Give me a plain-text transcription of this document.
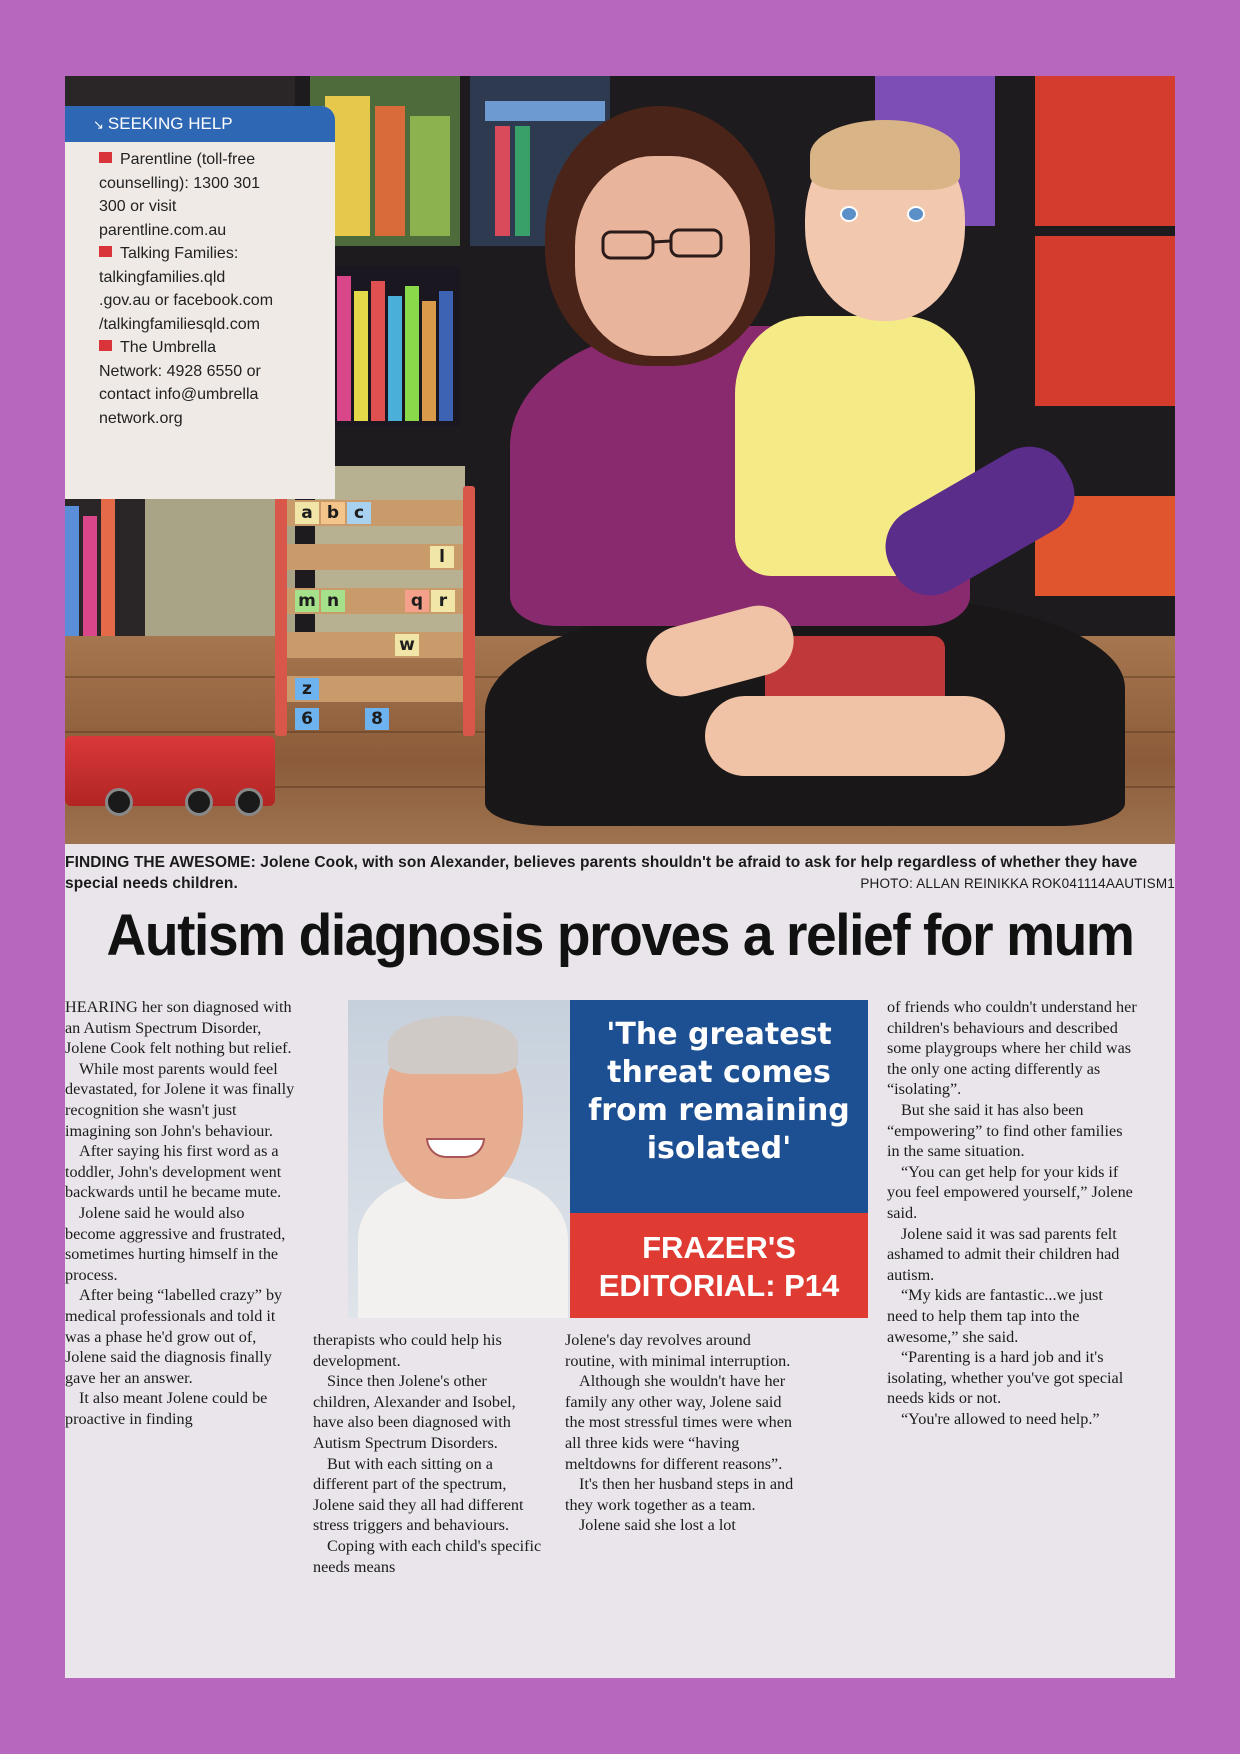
a b c
l
m n	q r
w
z
6	8
↘ SEEKING HELP
Parentline (toll-free
counselling): 1300 301
300 or visit
parentline.com.au
Talking Families:
talkingfamilies.qld
.gov.au or facebook.com
/talkingfamiliesqld.com
The Umbrella
Network: 4928 6550 or
contact info@umbrella
network.org
FINDING THE AWESOME: Jolene Cook, with son Alexander, believes parents shouldn't be afraid to ask for help regardless of whether they have special needs children.	PHOTO: ALLAN REINIKKA ROK041114AAUTISM1
Autism diagnosis proves a relief for mum

HEARING her son diagnosed with an Autism Spectrum Disorder, Jolene Cook felt nothing but relief.

While most parents would feel devastated, for Jolene it was finally recognition she wasn't just imagining son John's behaviour.

After saying his first word as a toddler, John's development went backwards until he became mute.

Jolene said he would also become aggressive and frustrated, sometimes hurting himself in the process.

After being “labelled crazy” by medical professionals and told it was a phase he'd grow out of, Jolene said the diagnosis finally gave her an answer.

It also meant Jolene could be proactive in finding

'The greatest
threat comes
from remaining
isolated'
FRAZER'S
EDITORIAL: P14

therapists who could help his development.

Since then Jolene's other children, Alexander and Isobel, have also been diagnosed with Autism Spectrum Disorders.

But with each sitting on a different part of the spectrum, Jolene said they all had different stress triggers and behaviours.

Coping with each child's specific needs means

Jolene's day revolves around routine, with minimal interruption.

Although she wouldn't have her family any other way, Jolene said the most stressful times were when all three kids were “having meltdowns for different reasons”.

It's then her husband steps in and they work together as a team.

Jolene said she lost a lot

of friends who couldn't understand her children's behaviours and described some playgroups where her child was the only one acting differently as “isolating”.

But she said it has also been “empowering” to find other families in the same situation.

“You can get help for your kids if you feel empowered yourself,” Jolene said.

Jolene said it was sad parents felt ashamed to admit their children had autism.

“My kids are fantastic...we just need to help them tap into the awesome,” she said.

“Parenting is a hard job and it's isolating, whether you've got special needs kids or not.

“You're allowed to need help.”
